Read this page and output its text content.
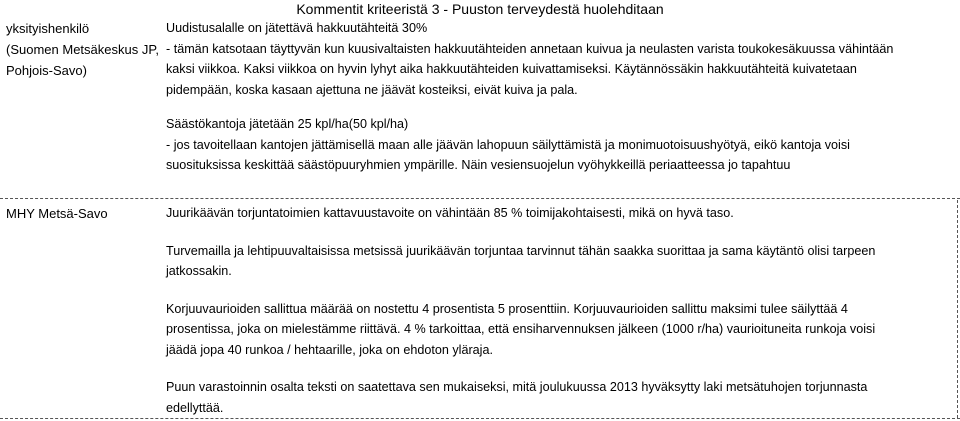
Kommentit kriteeristä 3 - Puuston terveydestä huolehditaan
yksityishenkilö
(Suomen Metsäkeskus JP,
Pohjois-Savo)
Uudistusalalle on jätettävä hakkuutähteitä 30%
- tämän katsotaan täyttyvän kun kuusivaltaisten hakkuutähteiden annetaan kuivua ja neulasten varista toukokesäkuussa vähintään
kaksi viikkoa. Kaksi viikkoa on hyvin lyhyt aika hakkuutähteiden kuivattamiseksi. Käytännössäkin hakkuutähteitä kuivatetaan
pidempään, koska kasaan ajettuna ne jäävät kosteiksi, eivät kuiva ja pala.
Säästökantoja jätetään 25 kpl/ha(50 kpl/ha)
- jos tavoitellaan kantojen jättämisellä maan alle jäävän lahopuun säilyttämistä ja monimuotoisuushyötyä, eikö kantoja voisi
suosituksissa keskittää säästöpuuryhmien ympärille. Näin vesiensuojelun vyöhykkeillä periaatteessa jo tapahtuu
MHY Metsä-Savo	Juurikäävän torjuntatoimien kattavuustavoite on vähintään 85 % toimijakohtaisesti, mikä on hyvä taso.
Turvemailla ja lehtipuuvaltaisissa metsissä juurikäävän torjuntaa tarvinnut tähän saakka suorittaa ja sama käytäntö olisi tarpeen
jatkossakin.
Korjuuvaurioiden sallittua määrää on nostettu 4 prosentista 5 prosenttiin. Korjuuvaurioiden sallittu maksimi tulee säilyttää 4
prosentissa, joka on mielestämme riittävä. 4 % tarkoittaa, että ensiharvennuksen jälkeen (1000 r/ha) vaurioituneita runkoja voisi
jäädä jopa 40 runkoa / hehtaarille, joka on ehdoton yläraja.
Puun varastoinnin osalta teksti on saatettava sen mukaiseksi, mitä joulukuussa 2013 hyväksytty laki metsätuhojen torjunnasta
edellyttää.
